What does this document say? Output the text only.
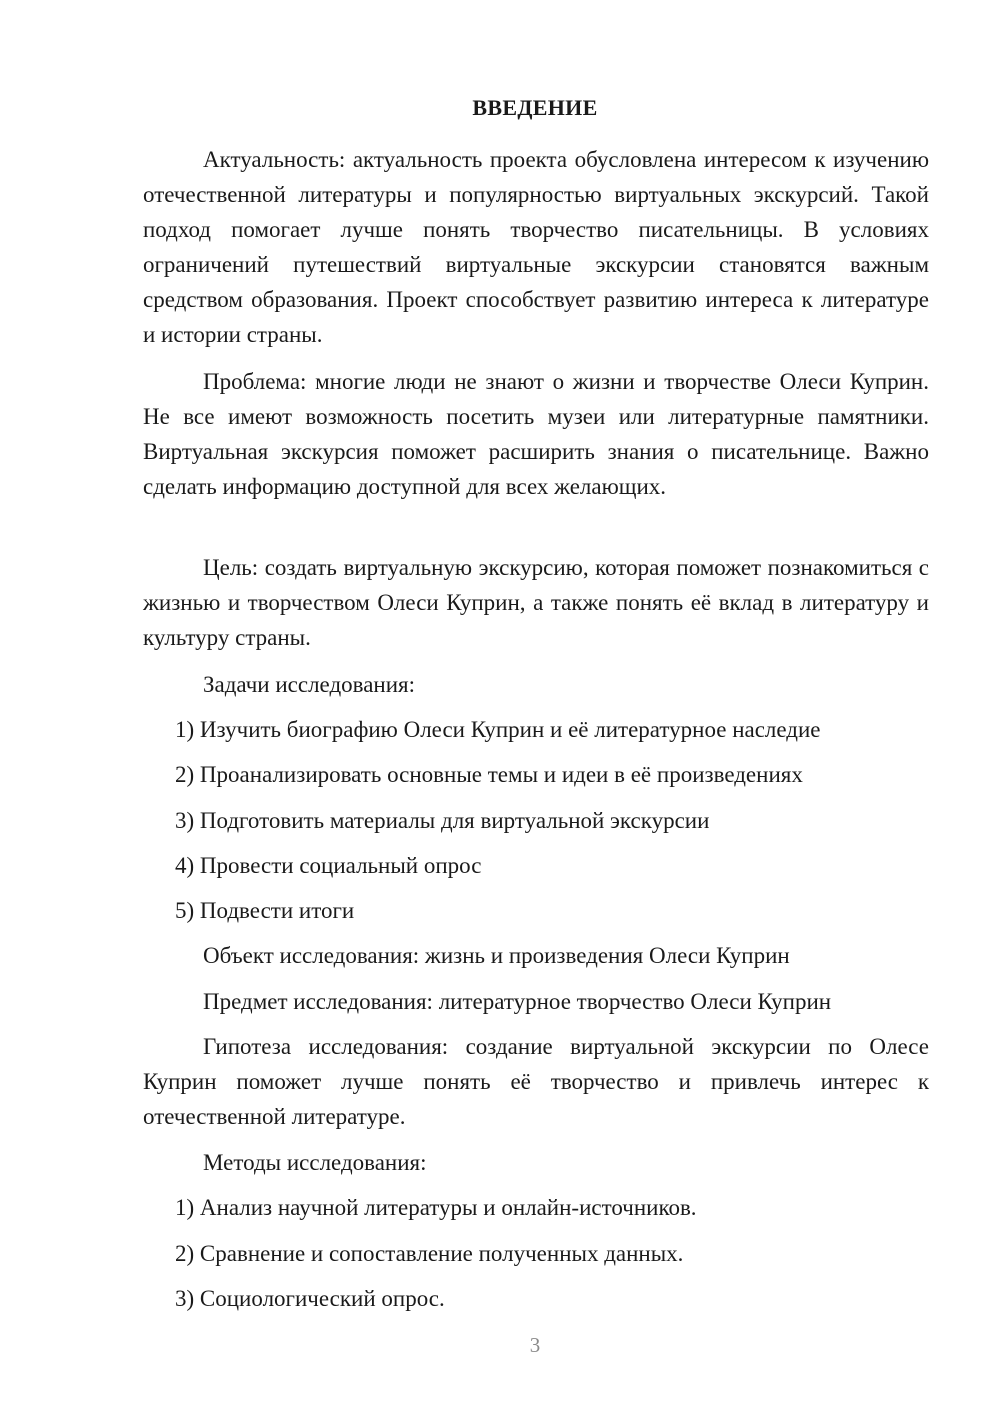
ВВЕДЕНИЕ

Актуальность: актуальность проекта обусловлена интересом к изучению отечественной литературы и популярностью виртуальных экскурсий. Такой подход помогает лучше понять творчество писательницы. В условиях ограничений путешествий виртуальные экскурсии становятся важным средством образования. Проект способствует развитию интереса к литературе и истории страны.

Проблема: многие люди не знают о жизни и творчестве Олеси Куприн. Не все имеют возможность посетить музеи или литературные памятники. Виртуальная экскурсия поможет расширить знания о писательнице. Важно сделать информацию доступной для всех желающих.

Цель: создать виртуальную экскурсию, которая поможет познакомиться с жизнью и творчеством Олеси Куприн, а также понять её вклад в литературу и культуру страны.

Задачи исследования:
1) Изучить биографию Олеси Куприн и её литературное наследие
2) Проанализировать основные темы и идеи в её произведениях
3) Подготовить материалы для виртуальной экскурсии
4) Провести социальный опрос
5) Подвести итоги
Объект исследования: жизнь и произведения Олеси Куприн
Предмет исследования: литературное творчество Олеси Куприн

Гипотеза исследования: создание виртуальной экскурсии по Олесе Куприн поможет лучше понять её творчество и привлечь интерес к отечественной литературе.

Методы исследования:
1) Анализ научной литературы и онлайн-источников.
2) Сравнение и сопоставление полученных данных.
3) Социологический опрос.
3
